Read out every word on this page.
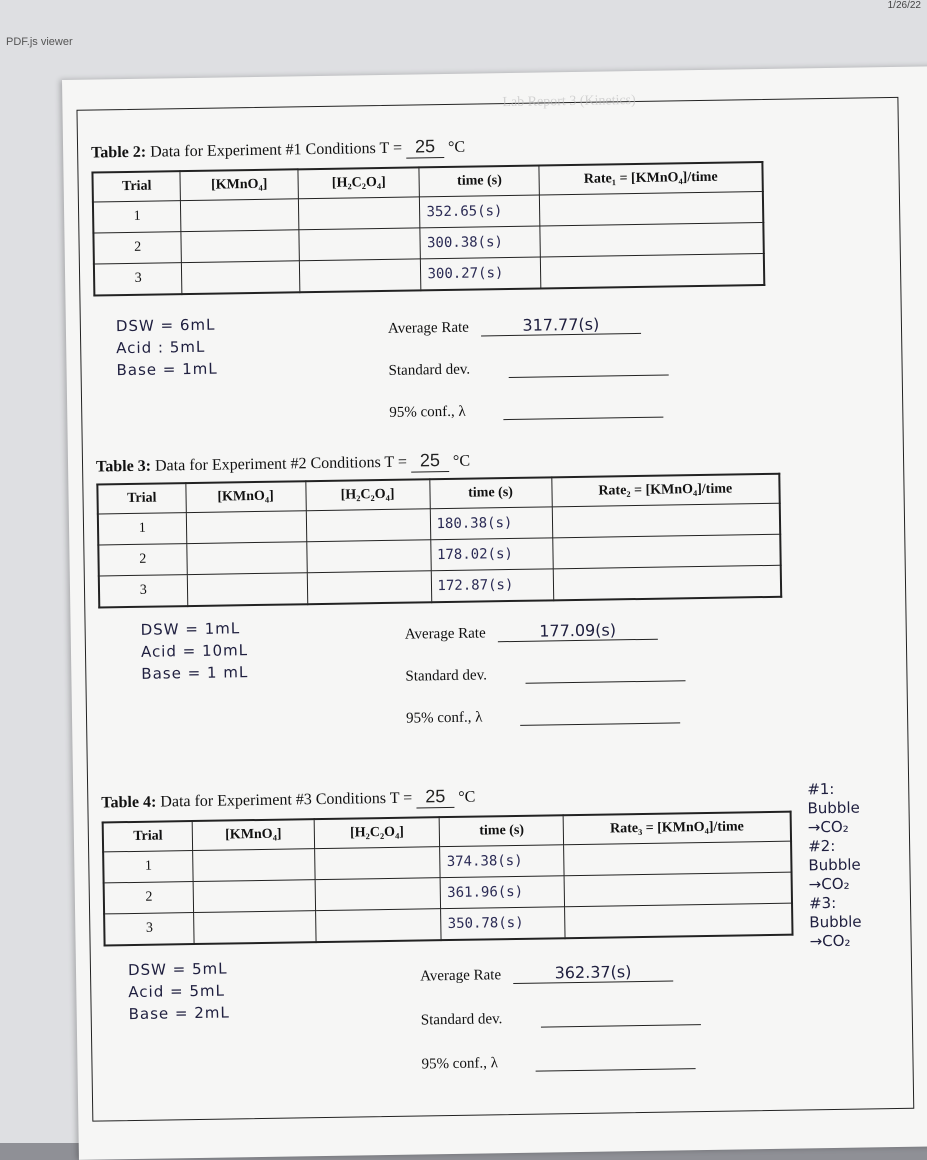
1/26/22
PDF.js viewer
Lab Report 3 (Kinetics)
Table 2: Data for Experiment #1 Conditions T = 25 °C
Trial	[KMnO₄]	[H₂C₂O₄]	time (s)	Rate₁ = [KMnO₄]/time
1			352.65(s)	
2			300.38(s)	
3			300.27(s)	
DSW = 6mL
Acid : 5mL
Base = 1mL
Average Rate	317.77(s)
Standard dev.
95% conf., λ
Table 3: Data for Experiment #2 Conditions T = 25 °C
Trial	[KMnO₄]	[H₂C₂O₄]	time (s)	Rate₂ = [KMnO₄]/time
1			180.38(s)	
2			178.02(s)	
3			172.87(s)	
DSW = 1mL
Acid = 10mL
Base = 1 mL
Average Rate	177.09(s)
Standard dev.
95% conf., λ
Table 4: Data for Experiment #3 Conditions T = 25 °C
Trial	[KMnO₄]	[H₂C₂O₄]	time (s)	Rate₃ = [KMnO₄]/time
1			374.38(s)	
2			361.96(s)	
3			350.78(s)	
DSW = 5mL
Acid = 5mL
Base = 2mL
Average Rate	362.37(s)
Standard dev.
95% conf., λ
#1:
Bubble
→CO₂
#2:
Bubble
→CO₂
#3:
Bubble
→CO₂
